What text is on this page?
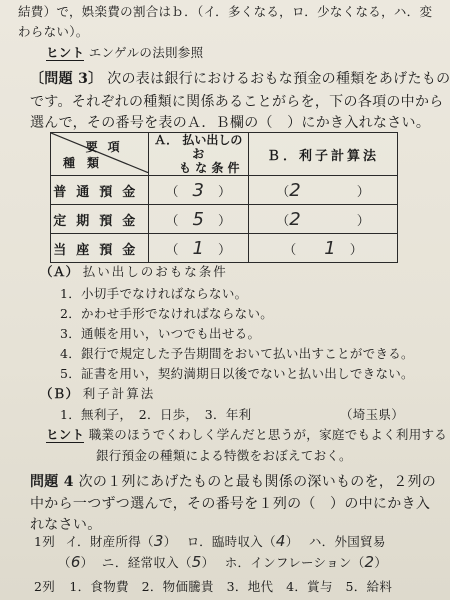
結費）で，娯楽費の割合はｂ．（イ．多くなる，ロ．少なくなる，ハ．変
わらない）。
ヒント エンゲルの法則参照
〔問題 3〕 次の表は銀行におけるおもな預金の種類をあげたもの
です。それぞれの種類に関係あることがらを，下の各項の中から
選んで，その番号を表のＡ．Ｂ欄の（　）にかき入れなさい。
要項
種類	Ａ． 払い出しのお
も な 条 件	Ｂ．利子計算法
普通預金	（ 3 ）	（2 ）
定期預金	（ 5 ）	（2 ）
当座預金	（ 1 ）	（ 1 ）
（Ａ） 払い出しのおもな条件
1．小切手でなければならない。
2．かわせ手形でなければならない。
3．通帳を用い，いつでも出せる。
4．銀行で規定した予告期間をおいて払い出すことができる。
5．証書を用い，契約満期日以後でないと払い出しできない。
（Ｂ） 利子計算法
1．無利子，　2．日歩，　3．年利	（埼玉県）
ヒント 職業のほうでくわしく学んだと思うが，家庭でもよく利用する
銀行預金の種類による特徴をおぼえておく。
問題 4 次の１列にあげたものと最も関係の深いものを，２列の
中から一つずつ選んで，その番号を１列の（　）の中にかき入
れなさい。
1列 イ．財産所得（3） ロ．臨時収入（4） ハ．外国貿易
（6） ニ．経常収入（5） ホ．インフレーション（2）
2列 1．食物費　2．物価騰貴　3．地代　4．賞与　5．給料
